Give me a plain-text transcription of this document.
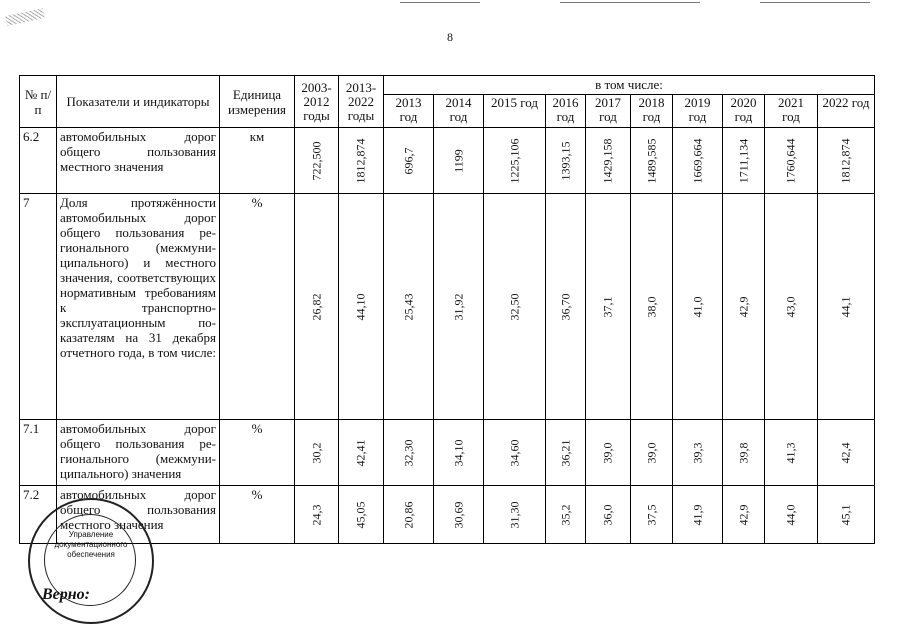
8
№ п/п	Показатели и индикаторы	Единица измерения	2003-2012 годы	2013-2022 годы	в том числе:									
					2013 год	2014 год	2015 год	2016 год	2017 год	2018 год	2019 год	2020 год	2021 год	2022 год
6.2	автомобильных дорог общего пользования местного значения	км	722,500	1812,874	696,7	1199	1225,106	1393,15	1429,158	1489,585	1669,664	1711,134	1760,644	1812,874

7	Доля протяжённости автомобильных дорог общего пользования регионального (межмуниципального) и местного значения, соответствующих нормативным требованиям к транспортно-эксплуатационным показателям на 31 декабря отчетного года, в том числе:	%	26,82	44,10	25,43	31,92	32,50	36,70	37,1	38,0	41,0	42,9	43,0	44,1

7.1	автомобильных дорог общего пользования регионального (межмуниципального) значения	%	30,2	42,41	32,30	34,10	34,60	36,21	39,0	39,0	39,3	39,8	41,3	42,4

7.2	автомобильных дорог общего пользования местного значения	%	24,3	45,05	20,86	30,69	31,30	35,2	36,0	37,5	41,9	42,9	44,0	45,1
Управление документационного обеспечения
Верно:
